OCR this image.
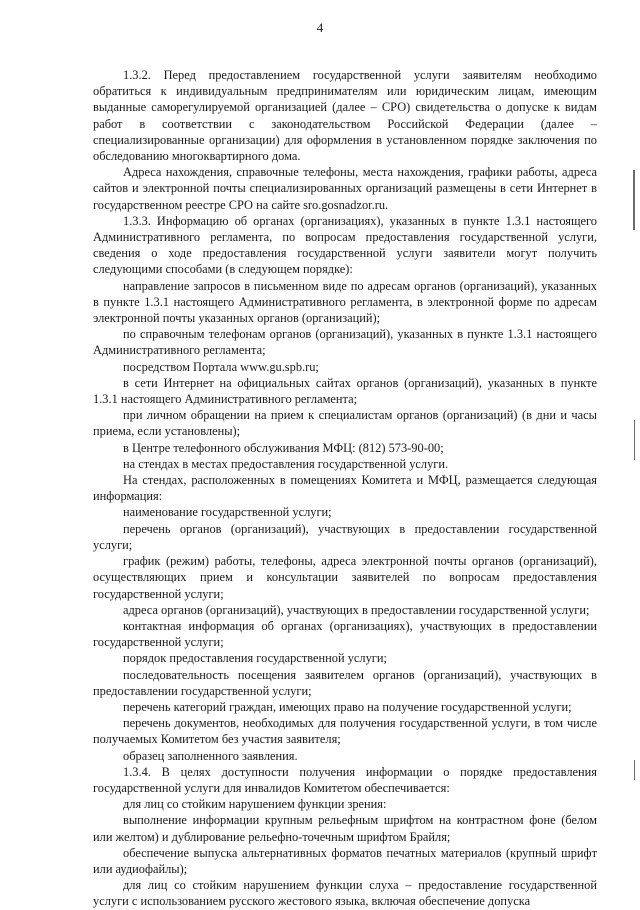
4

1.3.2. Перед предоставлением государственной услуги заявителям необходимо обратиться к индивидуальным предпринимателям или юридическим лицам, имеющим выданные саморегулируемой организацией (далее – СРО) свидетельства о допуске к видам работ в соответствии с законодательством Российской Федерации (далее – специализированные организации) для оформления в установленном порядке заключения по обследованию многоквартирного дома.

Адреса нахождения, справочные телефоны, места нахождения, графики работы, адреса сайтов и электронной почты специализированных организаций размещены в сети Интернет в государственном реестре СРО на сайте sro.gosnadzor.ru.

1.3.3. Информацию об органах (организациях), указанных в пункте 1.3.1 настоящего Административного регламента, по вопросам предоставления государственной услуги, сведения о ходе предоставления государственной услуги заявители могут получить следующими способами (в следующем порядке):

направление запросов в письменном виде по адресам органов (организаций), указанных в пункте 1.3.1 настоящего Административного регламента, в электронной форме по адресам электронной почты указанных органов (организаций);

по справочным телефонам органов (организаций), указанных в пункте 1.3.1 настоящего Административного регламента;

посредством Портала www.gu.spb.ru;

в сети Интернет на официальных сайтах органов (организаций), указанных в пункте 1.3.1 настоящего Административного регламента;

при личном обращении на прием к специалистам органов (организаций) (в дни и часы приема, если установлены);

в Центре телефонного обслуживания МФЦ: (812) 573-90-00;

на стендах в местах предоставления государственной услуги.

На стендах, расположенных в помещениях Комитета и МФЦ, размещается следующая информация:

наименование государственной услуги;

перечень органов (организаций), участвующих в предоставлении государственной услуги;

график (режим) работы, телефоны, адреса электронной почты органов (организаций), осуществляющих прием и консультации заявителей по вопросам предоставления государственной услуги;

адреса органов (организаций), участвующих в предоставлении государственной услуги;

контактная информация об органах (организациях), участвующих в предоставлении государственной услуги;

порядок предоставления государственной услуги;

последовательность посещения заявителем органов (организаций), участвующих в предоставлении государственной услуги;

перечень категорий граждан, имеющих право на получение государственной услуги;

перечень документов, необходимых для получения государственной услуги, в том числе получаемых Комитетом без участия заявителя;

образец заполненного заявления.

1.3.4. В целях доступности получения информации о порядке предоставления государственной услуги для инвалидов Комитетом обеспечивается:

для лиц со стойким нарушением функции зрения:

выполнение информации крупным рельефным шрифтом на контрастном фоне (белом или желтом) и дублирование рельефно-точечным шрифтом Брайля;

обеспечение выпуска альтернативных форматов печатных материалов (крупный шрифт или аудиофайлы);

для лиц со стойким нарушением функции слуха – предоставление государственной услуги с использованием русского жестового языка, включая обеспечение допуска
